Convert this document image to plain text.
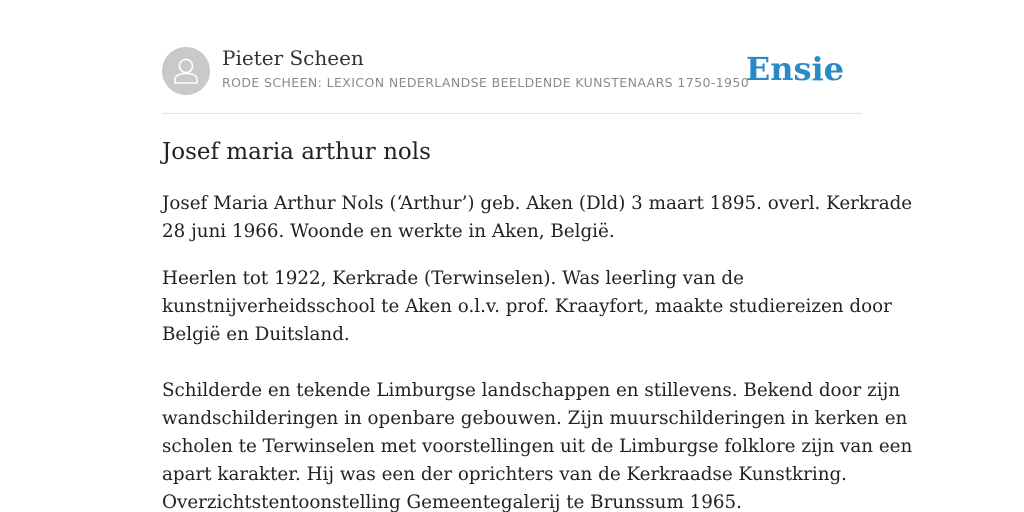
Pieter Scheen
RODE SCHEEN: LEXICON NEDERLANDSE BEELDENDE KUNSTENAARS 1750-1950
Ensie
Josef maria arthur nols

Josef Maria Arthur Nols (‘Arthur’) geb. Aken (Dld) 3 maart 1895. overl. Kerkrade
28 juni 1966. Woonde en werkte in Aken, België.

Heerlen tot 1922, Kerkrade (Terwinselen). Was leerling van de
kunstnijverheidsschool te Aken o.l.v. prof. Kraayfort, maakte studiereizen door
België en Duitsland.

Schilderde en tekende Limburgse landschappen en stillevens. Bekend door zijn
wandschilderingen in openbare gebouwen. Zijn muurschilderingen in kerken en
scholen te Terwinselen met voorstellingen uit de Limburgse folklore zijn van een
apart karakter. Hij was een der oprichters van de Kerkraadse Kunstkring.
Overzichtstentoonstelling Gemeentegalerij te Brunssum 1965.
